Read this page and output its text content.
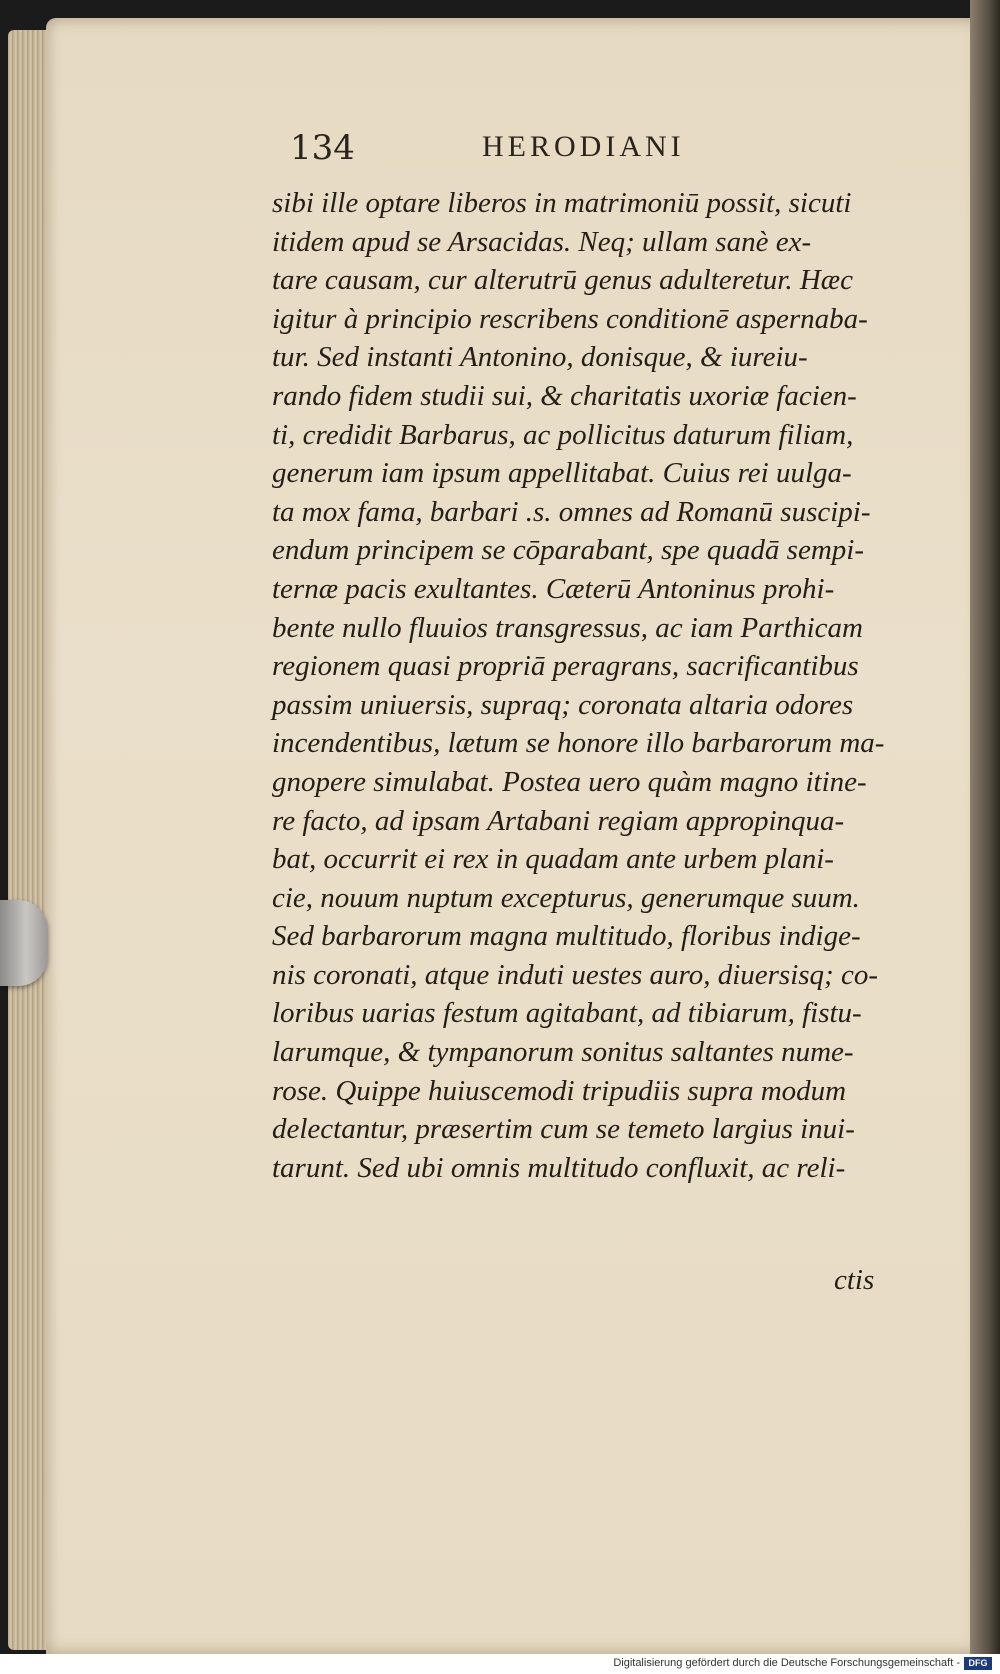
134	HERODIANI
sibi ille optare liberos in matrimoniū possit, sicuti
itidem apud se Arsacidas. Neq; ullam sanè ex-
tare causam, cur alterutrū genus adulteretur. Hæc
igitur à principio rescribens conditionē aspernaba-
tur. Sed instanti Antonino, donisque, & iureiu-
rando fidem studii sui, & charitatis uxoriæ facien-
ti, credidit Barbarus, ac pollicitus daturum filiam,
generum iam ipsum appellitabat. Cuius rei uulga-
ta mox fama, barbari .s. omnes ad Romanū suscipi-
endum principem se cōparabant, spe quadā sempi-
ternæ pacis exultantes. Cæterū Antoninus prohi-
bente nullo fluuios transgressus, ac iam Parthicam
regionem quasi propriā peragrans, sacrificantibus
passim uniuersis, supraq; coronata altaria odores
incendentibus, lætum se honore illo barbarorum ma-
gnopere simulabat. Postea uero quàm magno itine-
re facto, ad ipsam Artabani regiam appropinqua-
bat, occurrit ei rex in quadam ante urbem plani-
cie, nouum nuptum excepturus, generumque suum.
Sed barbarorum magna multitudo, floribus indige-
nis coronati, atque induti uestes auro, diuersisq; co-
loribus uarias festum agitabant, ad tibiarum, fistu-
larumque, & tympanorum sonitus saltantes nume-
rose. Quippe huiuscemodi tripudiis supra modum
delectantur, præsertim cum se temeto largius inui-
tarunt. Sed ubi omnis multitudo confluxit, ac reli-
ctis
Digitalisierung gefördert durch die Deutsche Forschungsgemeinschaft - DFG
